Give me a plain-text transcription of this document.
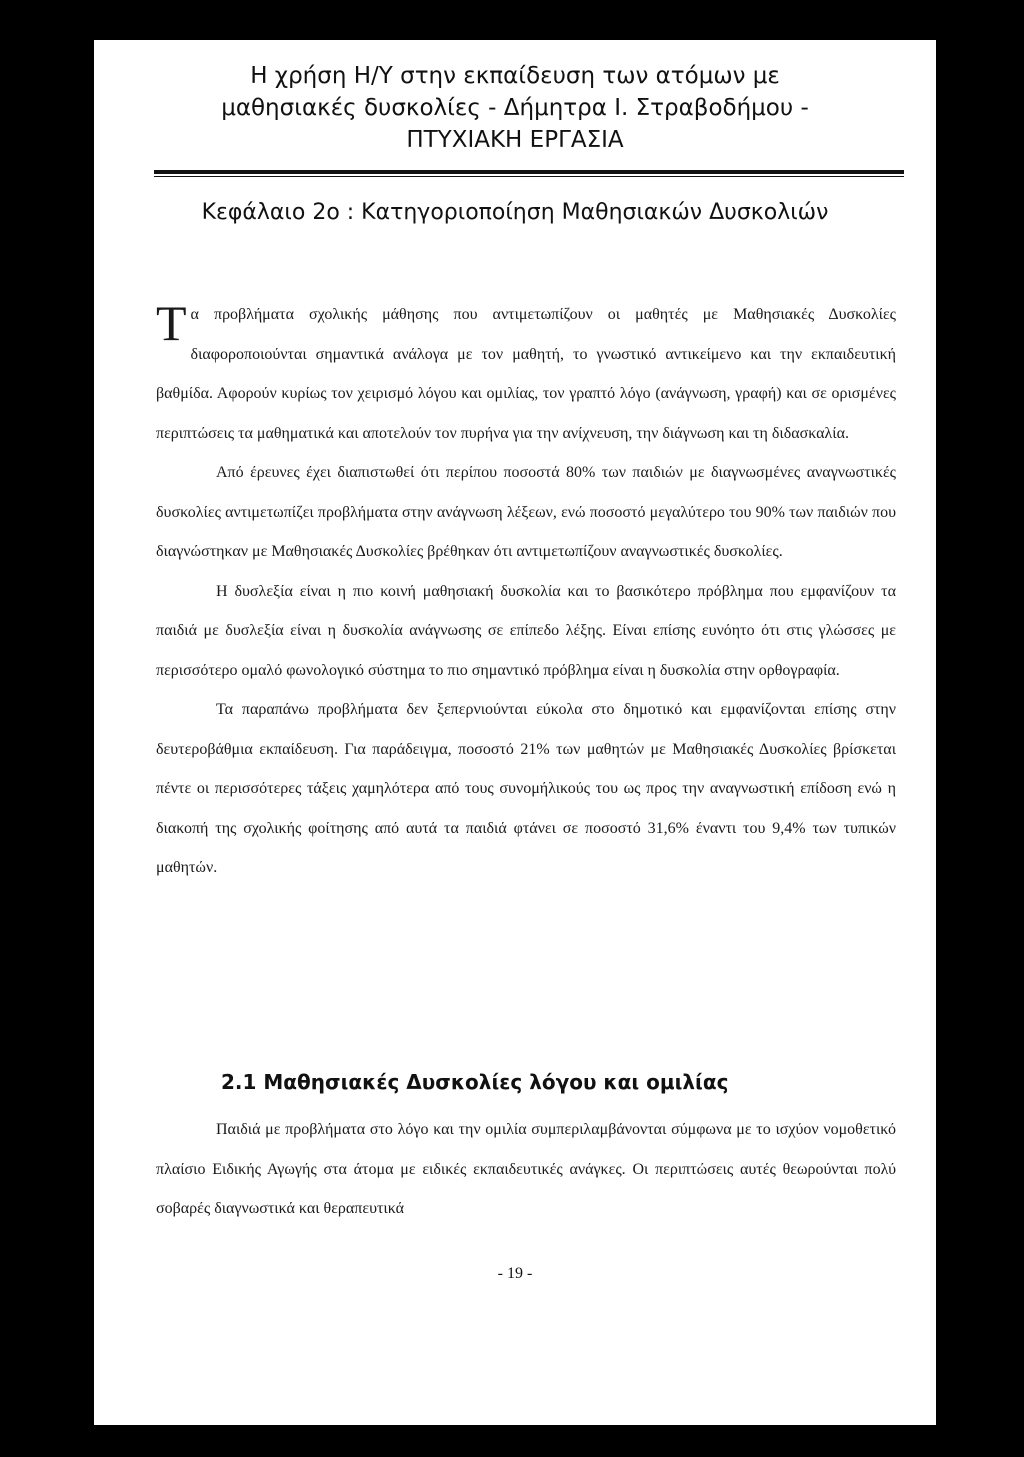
Η χρήση Η/Υ στην εκπαίδευση των ατόμων με
μαθησιακές δυσκολίες - Δήμητρα Ι. Στραβοδήμου -
ΠΤΥΧΙΑΚΗ ΕΡΓΑΣΙΑ
Κεφάλαιο 2ο : Κατηγοριοποίηση Μαθησιακών Δυσκολιών

Τα προβλήματα σχολικής μάθησης που αντιμετωπίζουν οι μαθητές με Μαθησιακές Δυσκολίες διαφοροποιούνται σημαντικά ανάλογα με τον μαθητή, το γνωστικό αντικείμενο και την εκπαιδευτική βαθμίδα. Αφορούν κυρίως τον χειρισμό λόγου και ομιλίας, τον γραπτό λόγο (ανάγνωση, γραφή) και σε ορισμένες περιπτώσεις τα μαθηματικά και αποτελούν τον πυρήνα για την ανίχνευση, την διάγνωση και τη διδασκαλία.

Από έρευνες έχει διαπιστωθεί ότι περίπου ποσοστά 80% των παιδιών με διαγνωσμένες αναγνωστικές δυσκολίες αντιμετωπίζει προβλήματα στην ανάγνωση λέξεων, ενώ ποσοστό μεγαλύτερο του 90% των παιδιών που διαγνώστηκαν με Μαθησιακές Δυσκολίες βρέθηκαν ότι αντιμετωπίζουν αναγνωστικές δυσκολίες.

Η δυσλεξία είναι η πιο κοινή μαθησιακή δυσκολία και το βασικότερο πρόβλημα που εμφανίζουν τα παιδιά με δυσλεξία είναι η δυσκολία ανάγνωσης σε επίπεδο λέξης. Είναι επίσης ευνόητο ότι στις γλώσσες με περισσότερο ομαλό φωνολογικό σύστημα το πιο σημαντικό πρόβλημα είναι η δυσκολία στην ορθογραφία.

Τα παραπάνω προβλήματα δεν ξεπερνιούνται εύκολα στο δημοτικό και εμφανίζονται επίσης στην δευτεροβάθμια εκπαίδευση. Για παράδειγμα, ποσοστό 21% των μαθητών με Μαθησιακές Δυσκολίες βρίσκεται πέντε οι περισσότερες τάξεις χαμηλότερα από τους συνομήλικούς του ως προς την αναγνωστική επίδοση ενώ η διακοπή της σχολικής φοίτησης από αυτά τα παιδιά φτάνει σε ποσοστό 31,6% έναντι του 9,4% των τυπικών μαθητών.

2.1 Μαθησιακές Δυσκολίες λόγου και ομιλίας

Παιδιά με προβλήματα στο λόγο και την ομιλία συμπεριλαμβάνονται σύμφωνα με το ισχύον νομοθετικό πλαίσιο Ειδικής Αγωγής στα άτομα με ειδικές εκπαιδευτικές ανάγκες. Οι περιπτώσεις αυτές θεωρούνται πολύ σοβαρές διαγνωστικά και θεραπευτικά

- 19 -
